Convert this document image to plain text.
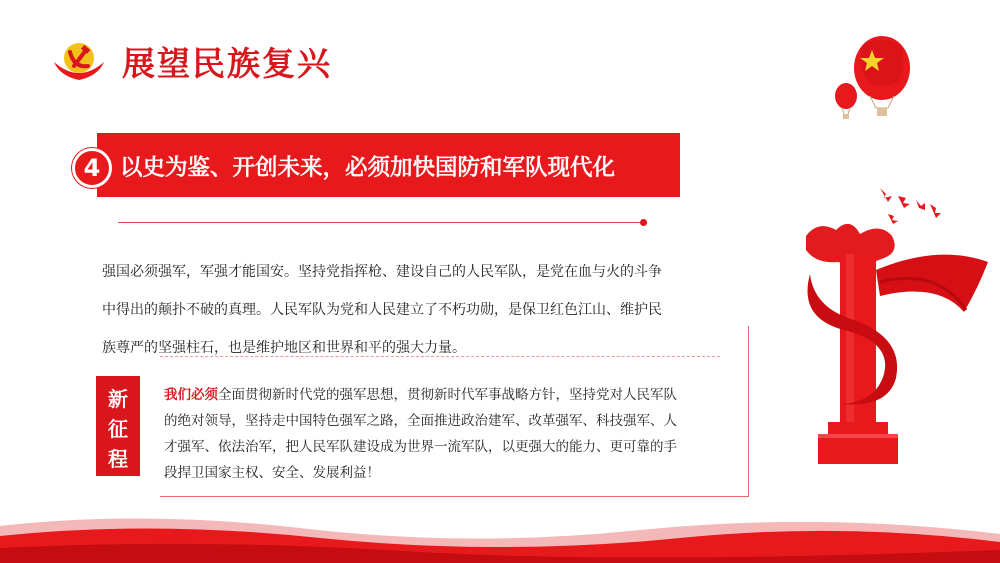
展望民族复兴
4 以史为鉴、开创未来，必须加快国防和军队现代化

强国必须强军，军强才能国安。坚持党指挥枪、建设自己的人民军队，是党在血与火的斗争

中得出的颠扑不破的真理。人民军队为党和人民建立了不朽功勋，是保卫红色江山、维护民

族尊严的坚强柱石，也是维护地区和世界和平的强大力量。

新
征
程

我们必须全面贯彻新时代党的强军思想，贯彻新时代军事战略方针，坚持党对人民军队

的绝对领导，坚持走中国特色强军之路，全面推进政治建军、改革强军、科技强军、人

才强军、依法治军，把人民军队建设成为世界一流军队，以更强大的能力、更可靠的手

段捍卫国家主权、安全、发展利益！
